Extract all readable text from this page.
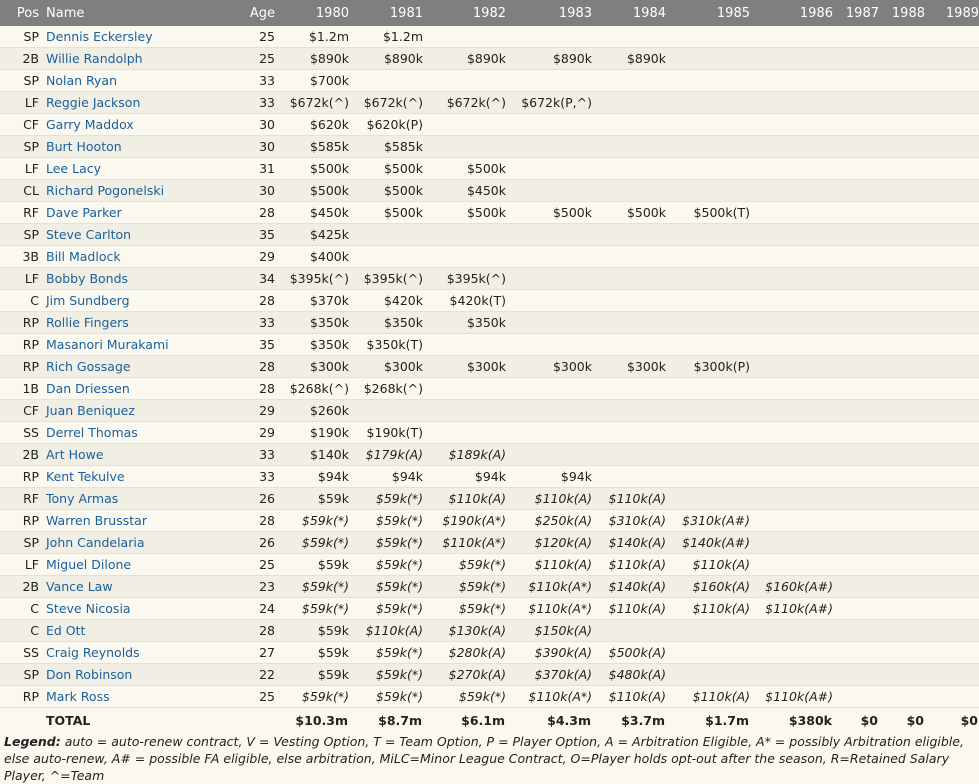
Pos	Name	Age	1980	1981	1982	1983	1984	1985	1986	1987	1988	1989
SP	Dennis Eckersley	25	$1.2m	$1.2m								
2B	Willie Randolph	25	$890k	$890k	$890k	$890k	$890k					
SP	Nolan Ryan	33	$700k									
LF	Reggie Jackson	33	$672k(^)	$672k(^)	$672k(^)	$672k(P,^)						
CF	Garry Maddox	30	$620k	$620k(P)								
SP	Burt Hooton	30	$585k	$585k								
LF	Lee Lacy	31	$500k	$500k	$500k							
CL	Richard Pogonelski	30	$500k	$500k	$450k							
RF	Dave Parker	28	$450k	$500k	$500k	$500k	$500k	$500k(T)				
SP	Steve Carlton	35	$425k									
3B	Bill Madlock	29	$400k									
LF	Bobby Bonds	34	$395k(^)	$395k(^)	$395k(^)							
C	Jim Sundberg	28	$370k	$420k	$420k(T)							
RP	Rollie Fingers	33	$350k	$350k	$350k							
RP	Masanori Murakami	35	$350k	$350k(T)								
RP	Rich Gossage	28	$300k	$300k	$300k	$300k	$300k	$300k(P)				
1B	Dan Driessen	28	$268k(^)	$268k(^)								
CF	Juan Beniquez	29	$260k									
SS	Derrel Thomas	29	$190k	$190k(T)								
2B	Art Howe	33	$140k	$179k(A)	$189k(A)							
RP	Kent Tekulve	33	$94k	$94k	$94k	$94k						
RF	Tony Armas	26	$59k	$59k(*)	$110k(A)	$110k(A)	$110k(A)					
RP	Warren Brusstar	28	$59k(*)	$59k(*)	$190k(A*)	$250k(A)	$310k(A)	$310k(A#)				
SP	John Candelaria	26	$59k(*)	$59k(*)	$110k(A*)	$120k(A)	$140k(A)	$140k(A#)				
LF	Miguel Dilone	25	$59k	$59k(*)	$59k(*)	$110k(A)	$110k(A)	$110k(A)				
2B	Vance Law	23	$59k(*)	$59k(*)	$59k(*)	$110k(A*)	$140k(A)	$160k(A)	$160k(A#)			
C	Steve Nicosia	24	$59k(*)	$59k(*)	$59k(*)	$110k(A*)	$110k(A)	$110k(A)	$110k(A#)			
C	Ed Ott	28	$59k	$110k(A)	$130k(A)	$150k(A)						
SS	Craig Reynolds	27	$59k	$59k(*)	$280k(A)	$390k(A)	$500k(A)					
SP	Don Robinson	22	$59k	$59k(*)	$270k(A)	$370k(A)	$480k(A)					
RP	Mark Ross	25	$59k(*)	$59k(*)	$59k(*)	$110k(A*)	$110k(A)	$110k(A)	$110k(A#)			
	TOTAL		$10.3m	$8.7m	$6.1m	$4.3m	$3.7m	$1.7m	$380k	$0	$0	$0
Legend: auto = auto-renew contract, V = Vesting Option, T = Team Option, P = Player Option, A = Arbitration Eligible, A* = possibly Arbitration eligible, else auto-renew, A# = possible FA eligible, else arbitration, MiLC=Minor League Contract, O=Player holds opt-out after the season, R=Retained Salary Player, ^=Team
